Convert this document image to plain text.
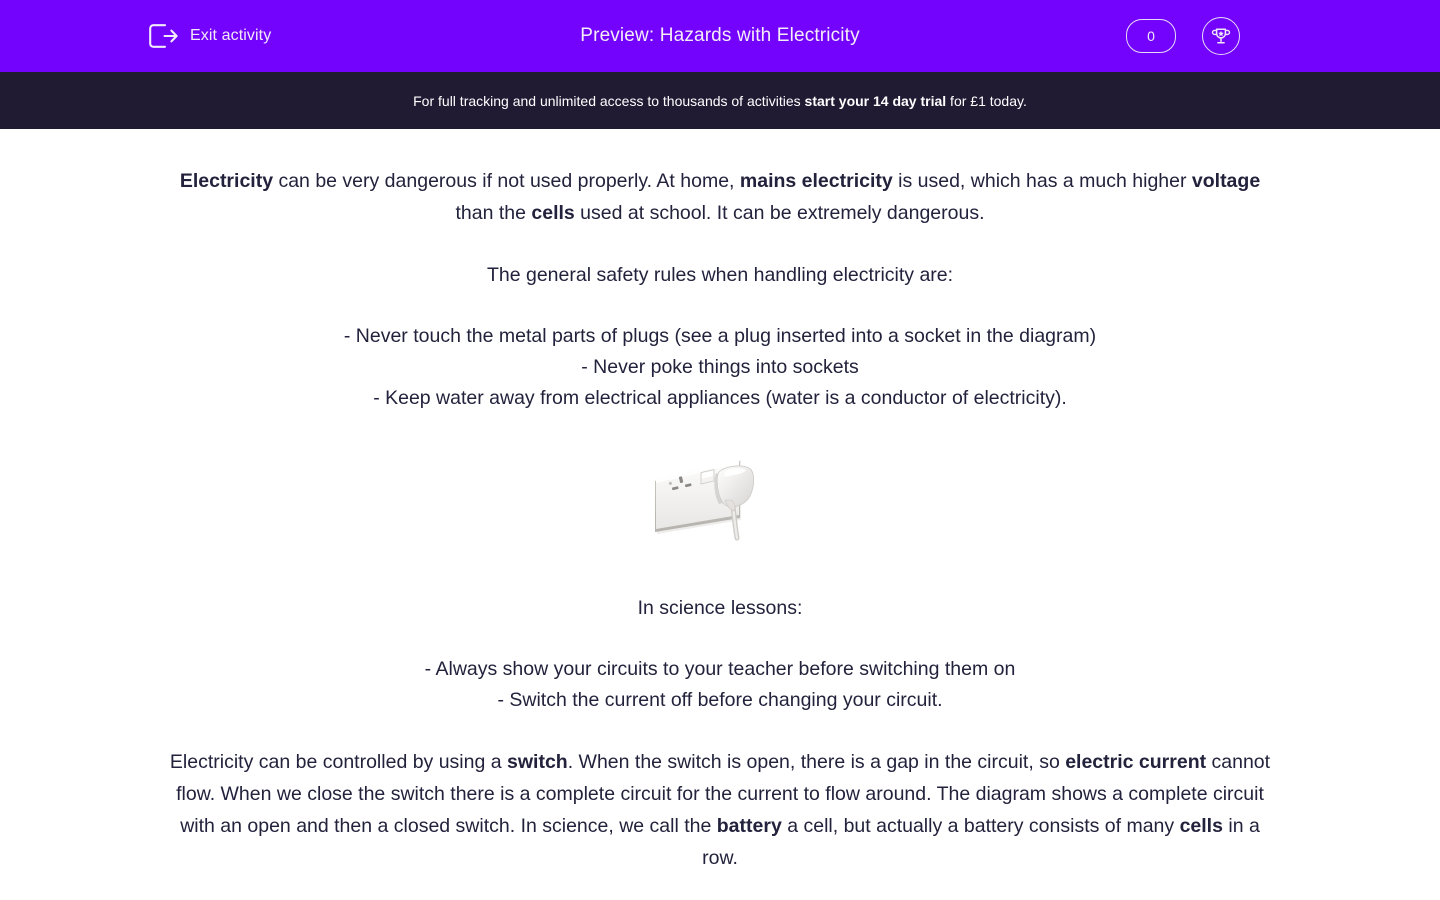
Exit activity	Preview: Hazards with Electricity	0
For full tracking and unlimited access to thousands of activities start your 14 day trial for £1 today.

Electricity can be very dangerous if not used properly. At home, mains electricity is used, which has a much higher voltage than the cells used at school. It can be extremely dangerous.

The general safety rules when handling electricity are:

- Never touch the metal parts of plugs (see a plug inserted into a socket in the diagram)
- Never poke things into sockets
- Keep water away from electrical appliances (water is a conductor of electricity).

In science lessons:

- Always show your circuits to your teacher before switching them on
- Switch the current off before changing your circuit.

Electricity can be controlled by using a switch. When the switch is open, there is a gap in the circuit, so electric current cannot flow. When we close the switch there is a complete circuit for the current to flow around. The diagram shows a complete circuit with an open and then a closed switch. In science, we call the battery a cell, but actually a battery consists of many cells in a row.
